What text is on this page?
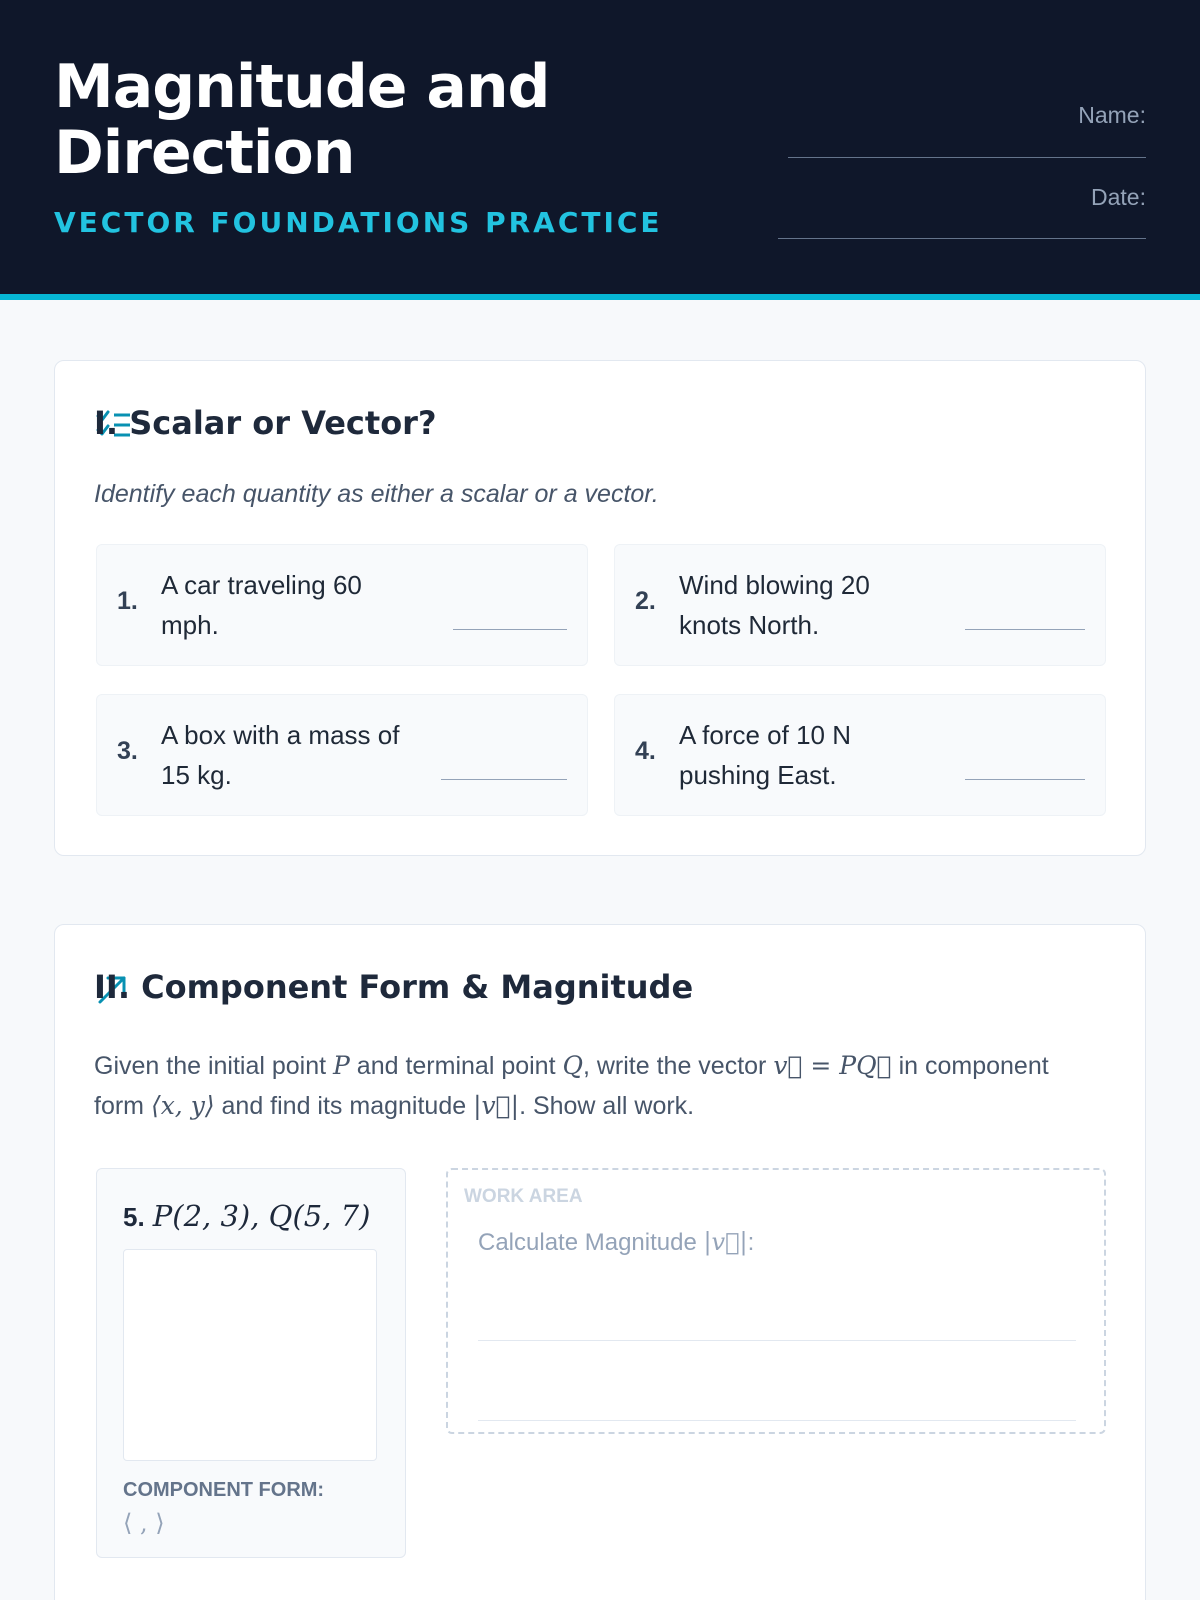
Magnitude and Direction
VECTOR FOUNDATIONS PRACTICE
Name:
Date:
I. Scalar or Vector?
Identify each quantity as either a scalar or a vector.
1.
A car traveling 60 mph.
2.
Wind blowing 20 knots North.
3.
A box with a mass of 15 kg.
4.
A force of 10 N pushing East.
II. Component Form & Magnitude
Given the initial point P and terminal point Q, write the vector v⃗ = PQ⃗ in component form ⟨x, y⟩ and find its magnitude |v⃗|. Show all work.
5. P(2, 3), Q(5, 7)
COMPONENT FORM:
⟨ , ⟩
WORK AREA
Calculate Magnitude |v⃗|:
